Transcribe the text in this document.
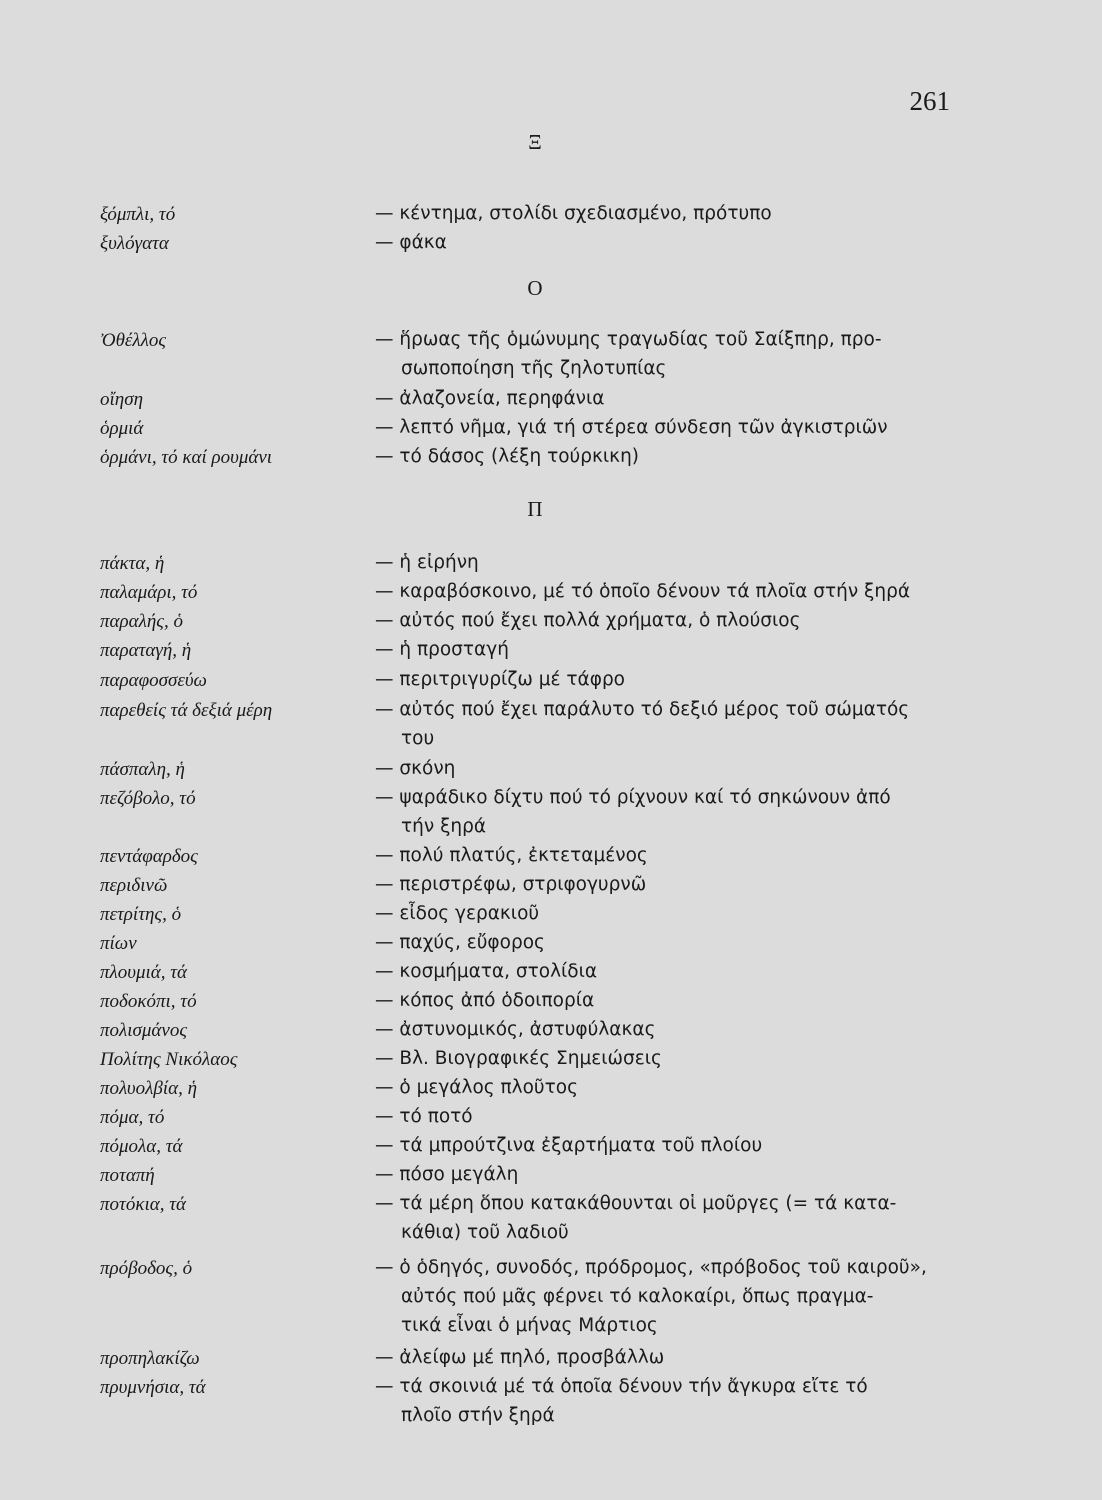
261
Ξ
ξόμπλι, τό	— κέντημα, στολίδι σχεδιασμένο, πρότυπο
ξυλόγατα	— φάκα
Ο
Ὀθέλλος	— ἥρωας τῆς ὁμώνυμης τραγωδίας τοῦ Σαίξπηρ, προ-
σωποποίηση τῆς ζηλοτυπίας
οἴηση	— ἀλαζονεία, περηφάνια
ὁρμιά	— λεπτό νῆμα, γιά τή στέρεα σύνδεση τῶν ἀγκιστριῶν
ὁρμάνι, τό καί ρουμάνι	— τό δάσος (λέξη τούρκικη)
Π
πάκτα, ἡ	— ἡ εἰρήνη
παλαμάρι, τό	— καραβόσκοινο, μέ τό ὁποῖο δένουν τά πλοῖα στήν ξηρά
παραλής, ὁ	— αὐτός πού ἔχει πολλά χρήματα, ὁ πλούσιος
παραταγή, ἡ	— ἡ προσταγή
παραφοσσεύω	— περιτριγυρίζω μέ τάφρο
παρεθείς τά δεξιά μέρη	— αὐτός πού ἔχει παράλυτο τό δεξιό μέρος τοῦ σώματός
του
πάσπαλη, ἡ	— σκόνη
πεζόβολο, τό	— ψαράδικο δίχτυ πού τό ρίχνουν καί τό σηκώνουν ἀπό
τήν ξηρά
πεντάφαρδος	— πολύ πλατύς, ἐκτεταμένος
περιδινῶ	— περιστρέφω, στριφογυρνῶ
πετρίτης, ὁ	— εἶδος γερακιοῦ
πίων	— παχύς, εὔφορος
πλουμιά, τά	— κοσμήματα, στολίδια
ποδοκόπι, τό	— κόπος ἀπό ὁδοιπορία
πολισμάνος	— ἀστυνομικός, ἀστυφύλακας
Πολίτης Νικόλαος	— Βλ. Βιογραφικές Σημειώσεις
πολυολβία, ἡ	— ὁ μεγάλος πλοῦτος
πόμα, τό	— τό ποτό
πόμολα, τά	— τά μπρούτζινα ἐξαρτήματα τοῦ πλοίου
ποταπή	— πόσο μεγάλη
ποτόκια, τά	— τά μέρη ὅπου κατακάθουνται οἱ μοῦργες (= τά κατα-
κάθια) τοῦ λαδιοῦ
πρόβοδος, ὁ	— ὁ ὁδηγός, συνοδός, πρόδρομος, «πρόβοδος τοῦ καιροῦ»,
αὐτός πού μᾶς φέρνει τό καλοκαίρι, ὅπως πραγμα-
τικά εἶναι ὁ μήνας Μάρτιος
προπηλακίζω	— ἀλείφω μέ πηλό, προσβάλλω
πρυμνήσια, τά	— τά σκοινιά μέ τά ὁποῖα δένουν τήν ἄγκυρα εἴτε τό
πλοῖο στήν ξηρά
